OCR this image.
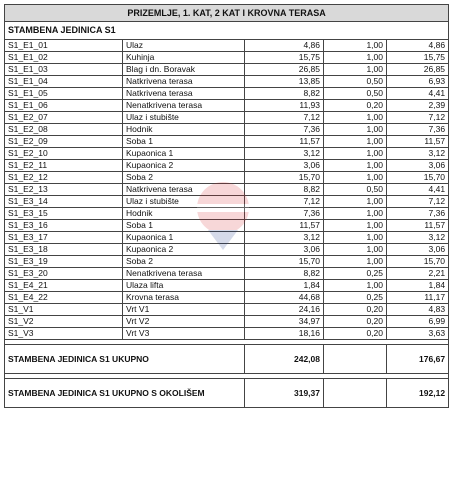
PRIZEMLJE, 1. KAT, 2 KAT I KROVNA TERASA				
STAMBENA JEDINICA S1				
S1_E1_01	Ulaz	4,86	1,00	4,86
S1_E1_02	Kuhinja	15,75	1,00	15,75
S1_E1_03	Blag i dn. Boravak	26,85	1,00	26,85
S1_E1_04	Natkrivena terasa	13,85	0,50	6,93
S1_E1_05	Natkrivena terasa	8,82	0,50	4,41
S1_E1_06	Nenatkrivena terasa	11,93	0,20	2,39
S1_E2_07	Ulaz i stubište	7,12	1,00	7,12
S1_E2_08	Hodnik	7,36	1,00	7,36
S1_E2_09	Soba 1	11,57	1,00	11,57
S1_E2_10	Kupaonica 1	3,12	1,00	3,12
S1_E2_11	Kupaonica 2	3,06	1,00	3,06
S1_E2_12	Soba 2	15,70	1,00	15,70
S1_E2_13	Natkrivena terasa	8,82	0,50	4,41
S1_E3_14	Ulaz i stubište	7,12	1,00	7,12
S1_E3_15	Hodnik	7,36	1,00	7,36
S1_E3_16	Soba 1	11,57	1,00	11,57
S1_E3_17	Kupaonica 1	3,12	1,00	3,12
S1_E3_18	Kupaonica 2	3,06	1,00	3,06
S1_E3_19	Soba 2	15,70	1,00	15,70
S1_E3_20	Nenatkrivena terasa	8,82	0,25	2,21
S1_E4_21	Ulaza lifta	1,84	1,00	1,84
S1_E4_22	Krovna terasa	44,68	0,25	11,17
S1_V1	Vrt V1	24,16	0,20	4,83
S1_V2	Vrt V2	34,97	0,20	6,99
S1_V3	Vrt V3	18,16	0,20	3,63

STAMBENA JEDINICA S1 UKUPNO		242,08		176,67

STAMBENA JEDINICA S1 UKUPNO S OKOLIŠEM		319,37		192,12
